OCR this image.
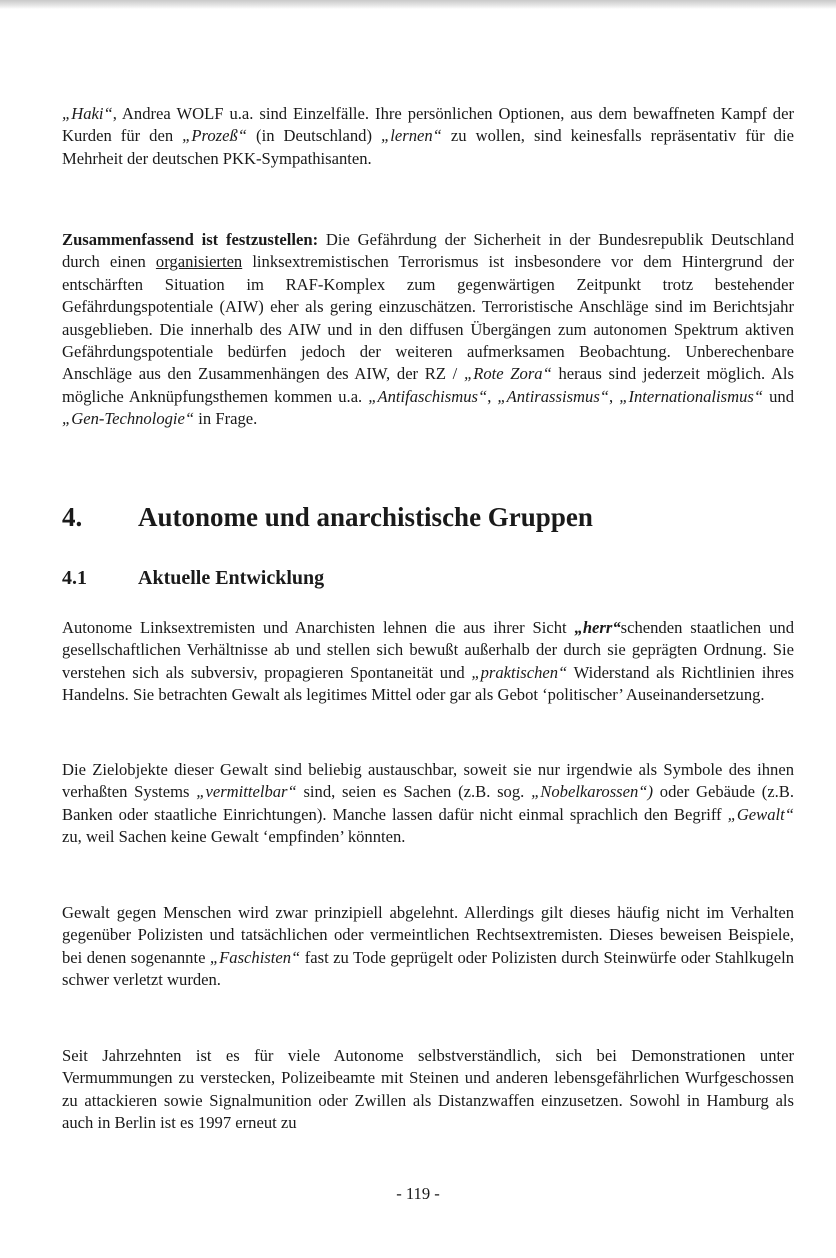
„Haki“, Andrea WOLF u.a. sind Einzelfälle. Ihre persönlichen Optionen, aus dem bewaffneten Kampf der Kurden für den „Prozeß“ (in Deutschland) „lernen“ zu wollen, sind keinesfalls repräsentativ für die Mehrheit der deutschen PKK-Sympathisanten.

Zusammenfassend ist festzustellen: Die Gefährdung der Sicherheit in der Bundesrepublik Deutschland durch einen organisierten linksextremistischen Terrorismus ist insbesondere vor dem Hintergrund der entschärften Situation im RAF-Komplex zum gegenwärtigen Zeitpunkt trotz bestehender Gefährdungspotentiale (AIW) eher als gering einzuschätzen. Terroristische Anschläge sind im Berichtsjahr ausgeblieben. Die innerhalb des AIW und in den diffusen Übergängen zum autonomen Spektrum aktiven Gefährdungspotentiale bedürfen jedoch der weiteren aufmerksamen Beobachtung. Unberechenbare Anschläge aus den Zusammenhängen des AIW, der RZ / „Rote Zora“ heraus sind jederzeit möglich. Als mögliche Anknüpfungsthemen kommen u.a. „Antifaschismus“, „Antirassismus“, „Internationalismus“ und „Gen-Technologie“ in Frage.

4.	Autonome und anarchistische Gruppen
4.1	Aktuelle Entwicklung

Autonome Linksextremisten und Anarchisten lehnen die aus ihrer Sicht „herr“schenden staatlichen und gesellschaftlichen Verhältnisse ab und stellen sich bewußt außerhalb der durch sie geprägten Ordnung. Sie verstehen sich als subversiv, propagieren Spontaneität und „praktischen“ Widerstand als Richtlinien ihres Handelns. Sie betrachten Gewalt als legitimes Mittel oder gar als Gebot ‘politischer’ Auseinandersetzung.

Die Zielobjekte dieser Gewalt sind beliebig austauschbar, soweit sie nur irgendwie als Symbole des ihnen verhaßten Systems „vermittelbar“ sind, seien es Sachen (z.B. sog. „Nobelkarossen“) oder Gebäude (z.B. Banken oder staatliche Einrichtungen). Manche lassen dafür nicht einmal sprachlich den Begriff „Gewalt“ zu, weil Sachen keine Gewalt ‘empfinden’ könnten.

Gewalt gegen Menschen wird zwar prinzipiell abgelehnt. Allerdings gilt dieses häufig nicht im Verhalten gegenüber Polizisten und tatsächlichen oder vermeintlichen Rechtsextremisten. Dieses beweisen Beispiele, bei denen sogenannte „Faschisten“ fast zu Tode geprügelt oder Polizisten durch Steinwürfe oder Stahlkugeln schwer verletzt wurden.

Seit Jahrzehnten ist es für viele Autonome selbstverständlich, sich bei Demonstrationen unter Vermummungen zu verstecken, Polizeibeamte mit Steinen und anderen lebensgefährlichen Wurfgeschossen zu attackieren sowie Signalmunition oder Zwillen als Distanzwaffen einzusetzen. Sowohl in Hamburg als auch in Berlin ist es 1997 erneut zu

- 119 -
